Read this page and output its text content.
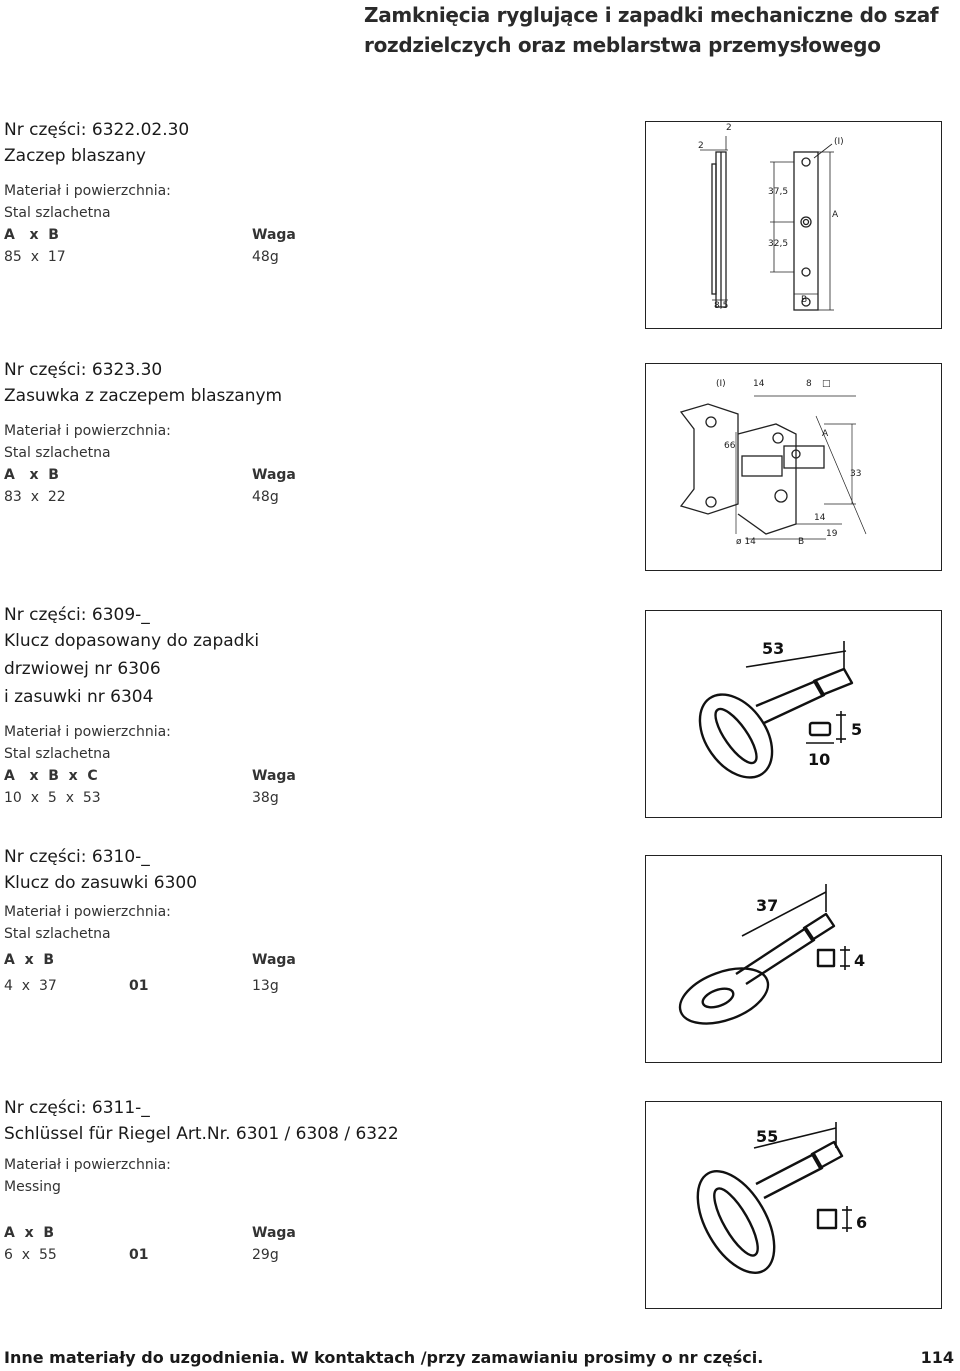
Zamknięcia ryglujące i zapadki mechaniczne do szaf
rozdzielczych oraz meblarstwa przemysłowego
Nr części: 6322.02.30
Zaczep blaszany
Materiał i powierzchnia:
Stal szlachetna
A   x  B	Waga
85  x  17	48g
2
2	(I)
37,5
A
32,5
8,5
B
Nr części: 6323.30
Zasuwka z zaczepem blaszanym
Materiał i powierzchnia:
Stal szlachetna
A   x  B	Waga
83  x  22	48g
(I)	14	8
66
A
33
14
ø 14	B
19
□
Nr części: 6309-_
Klucz dopasowany do zapadki
drzwiowej nr 6306
i zasuwki nr 6304
Materiał i powierzchnia:
Stal szlachetna
A   x  B  x  C	Waga
10  x  5  x  53	38g
53
5
10
Nr części: 6310-_
Klucz do zasuwki 6300
Materiał i powierzchnia:
Stal szlachetna
A  x  B	Waga
4  x  37	01	13g
37
4
Nr części: 6311-_
Schlüssel für Riegel Art.Nr. 6301 / 6308 / 6322
Materiał i powierzchnia:
Messing
A  x  B	Waga
6  x  55	01	29g
55
6
Inne materiały do uzgodnienia. W kontaktach /przy zamawianiu prosimy o nr części.	114
